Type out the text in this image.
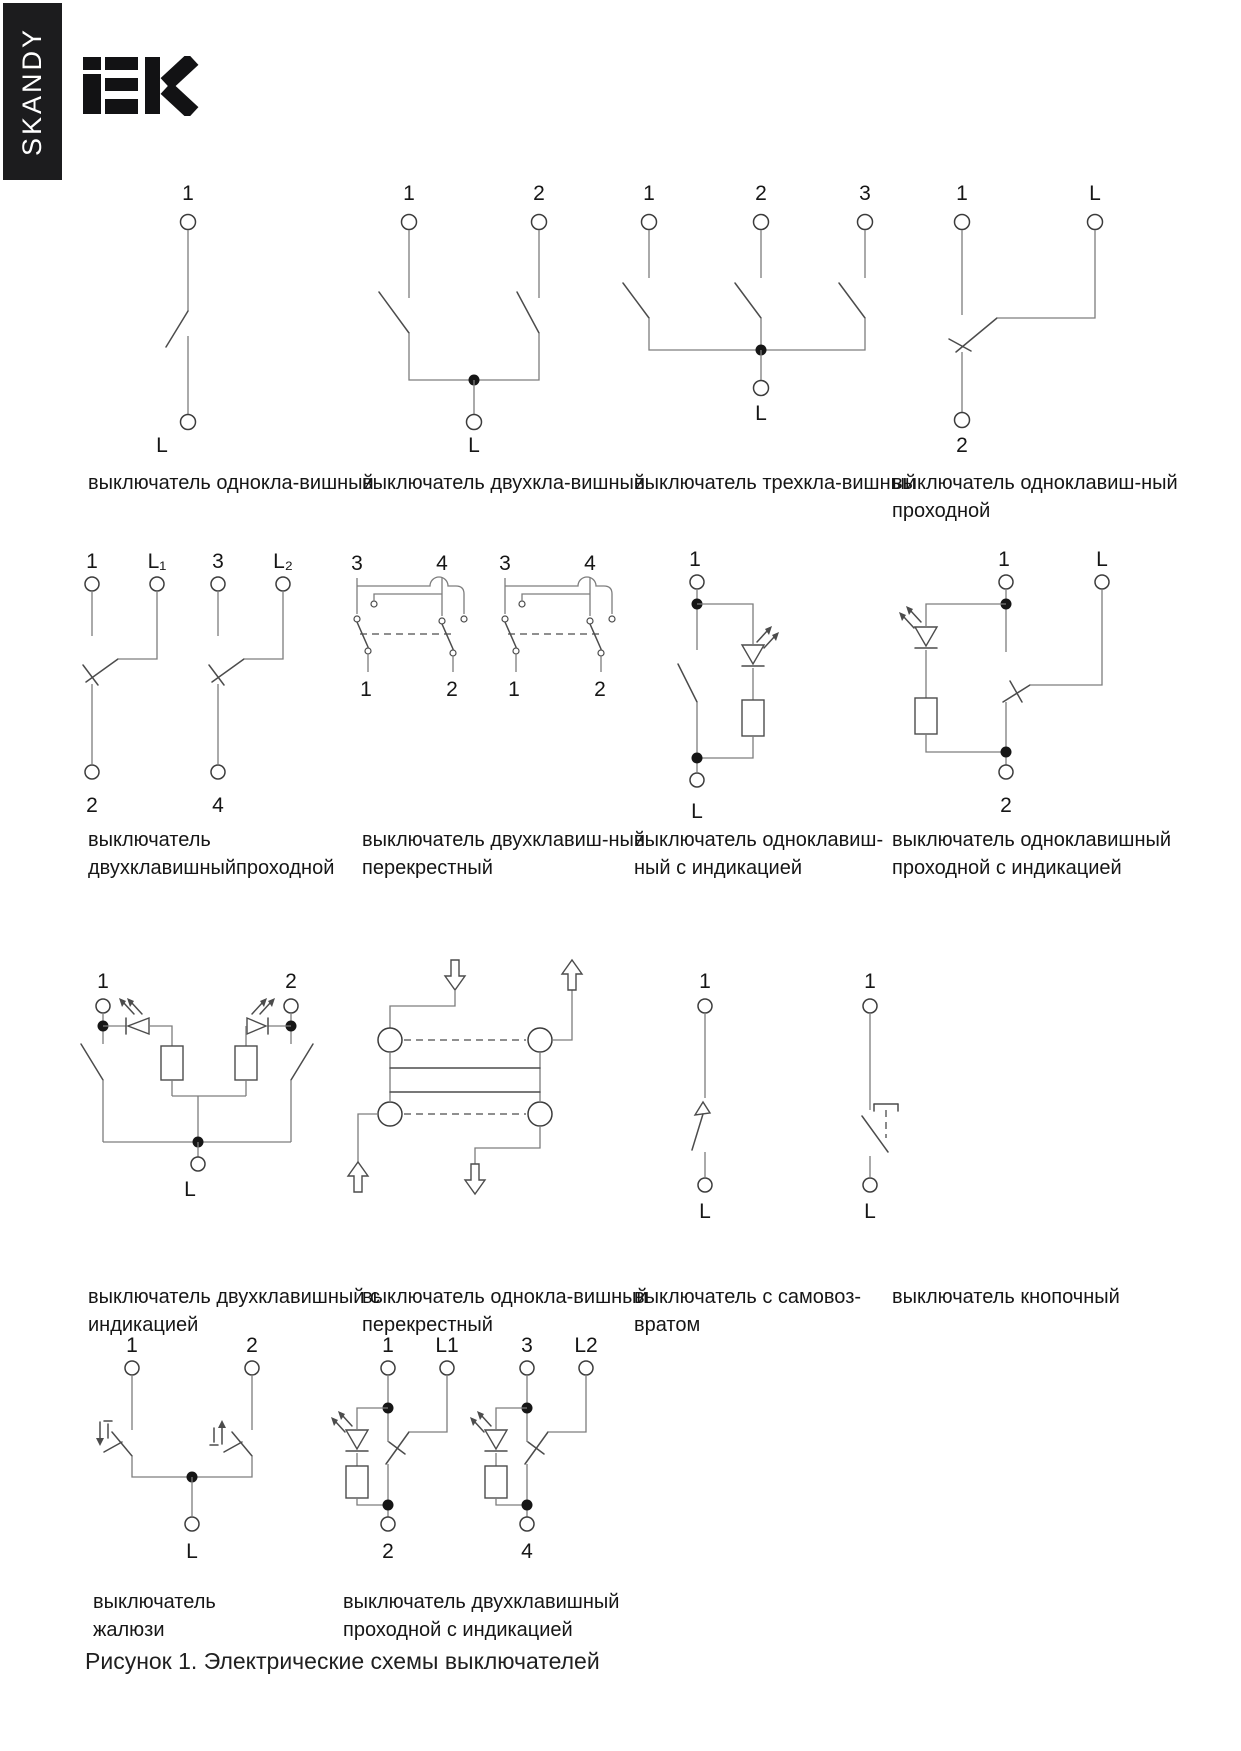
SKANDY
1
L
1	2
L
1	2	3
L
1	L
2
1 L₁ 3 L₂
2	4
3	4
1	2
3	4
1	2
1
L
1	L
2
1	2
L
1
L
1
L
1	2
L
1 L1
2
3 L2
4
выключатель однокла-вишный
выключатель двухкла-вишный
выключатель трехкла-вишный
выключатель одноклавиш-ный
проходной
выключатель
двухклавишныйпроходной
выключатель двухклавиш-ный
перекрестный
выключатель одноклавиш-
ный с индикацией
выключатель одноклавишный
проходной с индикацией
выключатель двухклавишный с
индикацией
выключатель однокла-вишный
перекрестный
выключатель с самовоз-
вратом
выключатель кнопочный
выключатель
жалюзи
выключатель двухклавишный
проходной с индикацией
Рисунок 1. Электрические схемы выключателей
